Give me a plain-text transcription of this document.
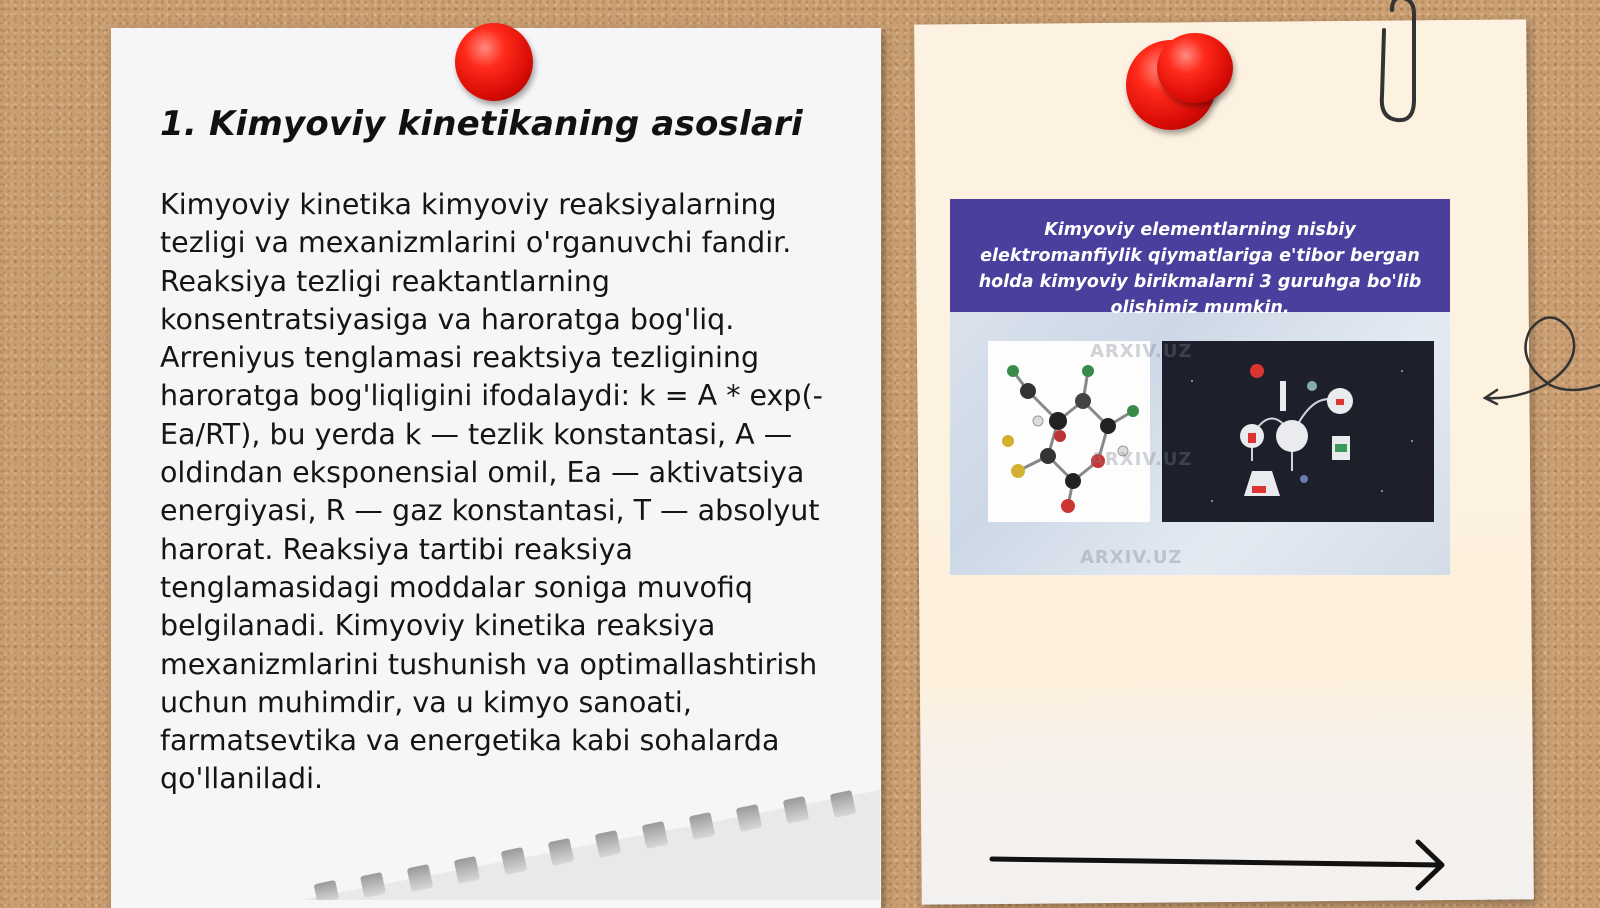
1. Kimyoviy kinetikaning asoslari

Kimyoviy kinetika kimyoviy reaksiyalarning tezligi va mexanizmlarini o'rganuvchi fandir. Reaksiya tezligi reaktantlarning konsentratsiyasiga va haroratga bog'liq. Arreniyus tenglamasi reaktsiya tezligining haroratga bog'liqligini ifodalaydi: k = A * exp(-Ea/RT), bu yerda k — tezlik konstantasi, A — oldindan eksponensial omil, Ea — aktivatsiya energiyasi, R — gaz konstantasi, T — absolyut harorat. Reaksiya tartibi reaksiya tenglamasidagi moddalar soniga muvofiq belgilanadi. Kimyoviy kinetika reaksiya mexanizmlarini tushunish va optimallashtirish uchun muhimdir, va u kimyo sanoati, farmatsevtika va energetika kabi sohalarda qo'llaniladi.

Kimyoviy elementlarning nisbiy elektromanfiylik qiymatlariga e'tibor bergan holda kimyoviy birikmalarni 3 guruhga bo'lib olishimiz mumkin.
ARXIV.UZ
ARXIV.UZ
ARXIV.UZ
